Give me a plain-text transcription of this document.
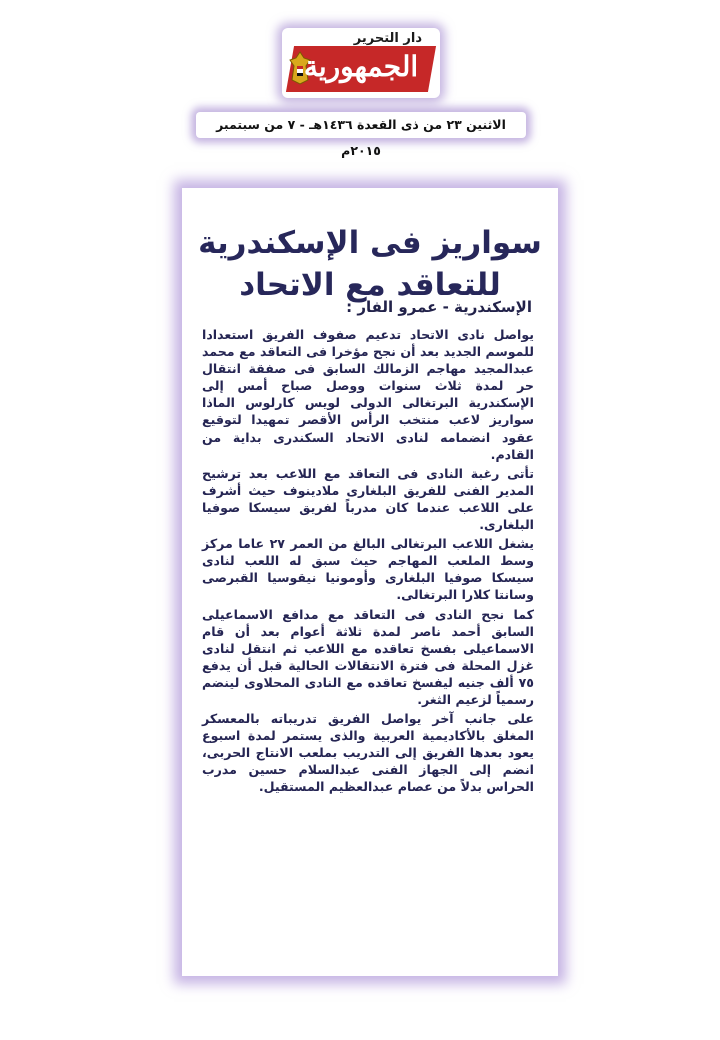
دار التحرير
الجمهورية
الاثنين ٢٣ من ذى القعدة ١٤٣٦هـ - ٧ من سبتمبر ٢٠١٥م
سواريز فى الإسكندرية
للتعاقد مع الاتحاد
الإسكندرية - عمرو الفار :

يواصل نادى الاتحاد تدعيم صفوف الفريق استعدادا للموسم الجديد بعد أن نجح مؤخرا فى التعاقد مع محمد عبدالمجيد مهاجم الزمالك السابق فى صفقة انتقال حر لمدة ثلاث سنوات ووصل صباح أمس إلى الإسكندرية البرتغالى الدولى لويس كارلوس الماذا سواريز لاعب منتخب الرأس الأقصر تمهيدا لتوقيع عقود انضمامه لنادى الاتحاد السكندرى بداية من القادم.

تأتى رغبة النادى فى التعاقد مع اللاعب بعد ترشيح المدير الفنى للفريق البلغارى ملادينوف حيث أشرف على اللاعب عندما كان مدرباً لفريق سيسكا صوفيا البلغارى.

يشغل اللاعب البرتغالى البالغ من العمر ٢٧ عاما مركز وسط الملعب المهاجم حيث سبق له اللعب لنادى سيسكا صوفيا البلغارى وأومونيا نيقوسيا القبرصى وسانتا كلارا البرتغالى.

كما نجح النادى فى التعاقد مع مدافع الاسماعيلى السابق أحمد ناصر لمدة ثلاثة أعوام بعد أن قام الاسماعيلى بفسخ تعاقده مع اللاعب ثم انتقل لنادى غزل المحلة فى فترة الانتقالات الحالية قبل أن يدفع ٧٥ ألف جنيه ليفسخ تعاقده مع النادى المحلاوى لينضم رسمياً لزعيم الثغر.

على جانب آخر يواصل الفريق تدريباته بالمعسكر المغلق بالأكاديمية العربية والذى يستمر لمدة اسبوع يعود بعدها الفريق إلى التدريب بملعب الانتاج الحربى، انضم إلى الجهاز الفنى عبدالسلام حسين مدرب الحراس بدلاً من عصام عبدالعظيم المستقيل.
